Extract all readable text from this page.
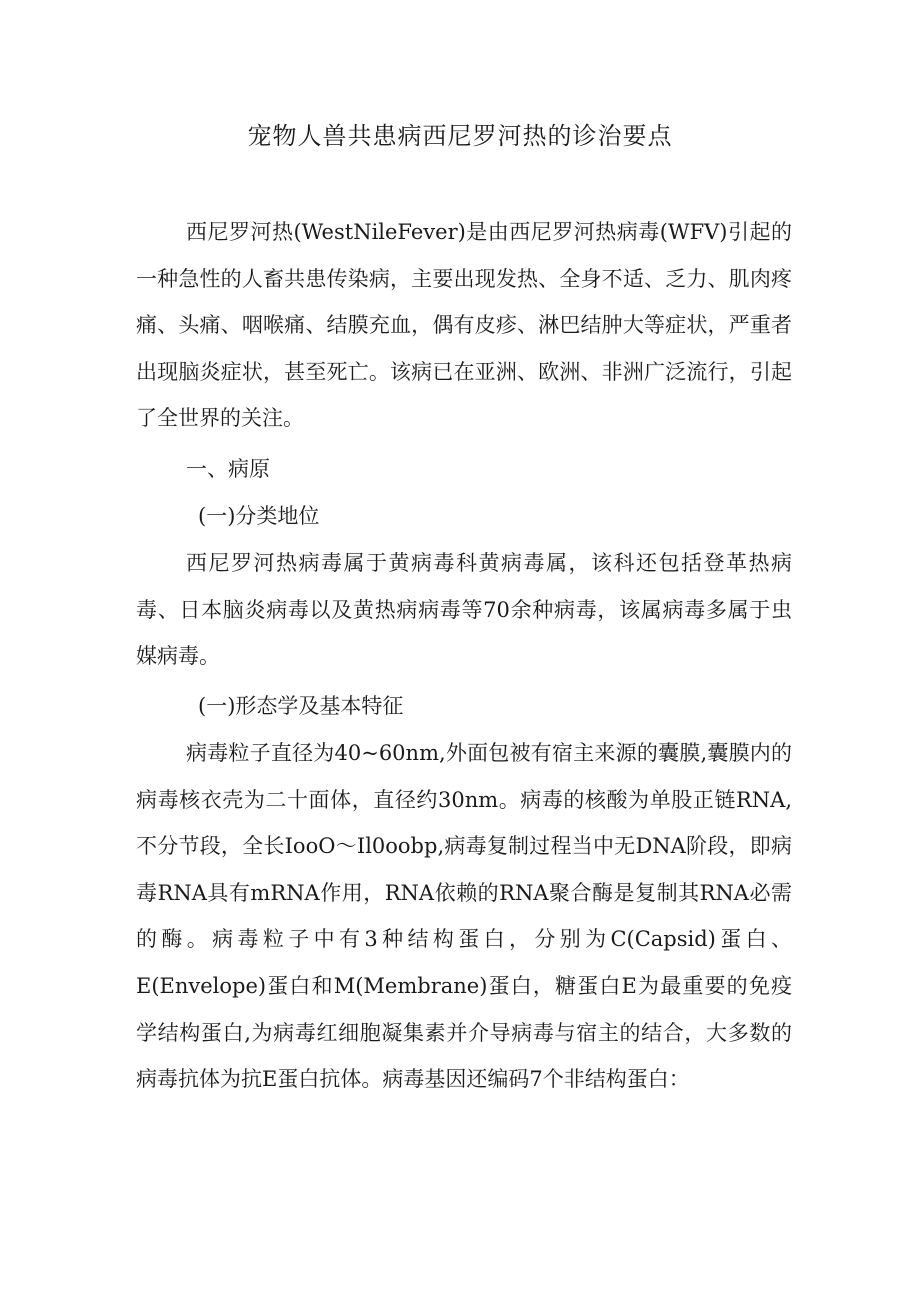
宠物人兽共患病西尼罗河热的诊治要点

西尼罗河热(WestNileFever)是由西尼罗河热病毒(WFV)引起的一种急性的人畜共患传染病，主要出现发热、全身不适、乏力、肌肉疼痛、头痛、咽喉痛、结膜充血，偶有皮疹、淋巴结肿大等症状，严重者出现脑炎症状，甚至死亡。该病已在亚洲、欧洲、非洲广泛流行，引起了全世界的关注。

一、病原

(一)分类地位

西尼罗河热病毒属于黄病毒科黄病毒属，该科还包括登革热病毒、日本脑炎病毒以及黄热病病毒等70余种病毒，该属病毒多属于虫媒病毒。

(一)形态学及基本特征

病毒粒子直径为40~60nm,外面包被有宿主来源的囊膜,囊膜内的病毒核衣壳为二十面体，直径约30nm。病毒的核酸为单股正链RNA,不分节段，全长IooO〜Il0oobp,病毒复制过程当中无DNA阶段，即病毒RNA具有mRNA作用，RNA依赖的RNA聚合酶是复制其RNA必需的酶。病毒粒子中有3种结构蛋白，分别为C(Capsid)蛋白、E(Envelope)蛋白和M(Membrane)蛋白，糖蛋白E为最重要的免疫学结构蛋白,为病毒红细胞凝集素并介导病毒与宿主的结合，大多数的病毒抗体为抗E蛋白抗体。病毒基因还编码7个非结构蛋白：
